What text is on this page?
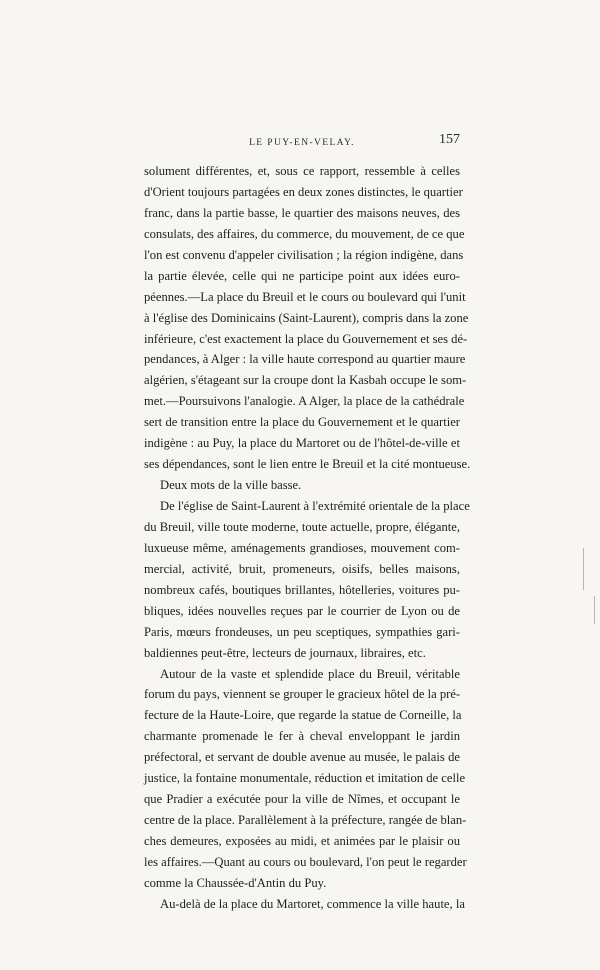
LE PUY-EN-VELAY.	157
solument différentes, et, sous ce rapport, ressemble à celles
d'Orient toujours partagées en deux zones distinctes, le quartier
franc, dans la partie basse, le quartier des maisons neuves, des
consulats, des affaires, du commerce, du mouvement, de ce que
l'on est convenu d'appeler civilisation ; la région indigène, dans
la partie élevée, celle qui ne participe point aux idées euro-
péennes.—La place du Breuil et le cours ou boulevard qui l'unit
à l'église des Dominicains (Saint-Laurent), compris dans la zone
inférieure, c'est exactement la place du Gouvernement et ses dé-
pendances, à Alger : la ville haute correspond au quartier maure
algérien, s'étageant sur la croupe dont la Kasbah occupe le som-
met.—Poursuivons l'analogie. A Alger, la place de la cathédrale
sert de transition entre la place du Gouvernement et le quartier
indigène : au Puy, la place du Martoret ou de l'hôtel-de-ville et
ses dépendances, sont le lien entre le Breuil et la cité montueuse.
Deux mots de la ville basse.
De l'église de Saint-Laurent à l'extrémité orientale de la place
du Breuil, ville toute moderne, toute actuelle, propre, élégante,
luxueuse même, aménagements grandioses, mouvement com-
mercial, activité, bruit, promeneurs, oisifs, belles maisons,
nombreux cafés, boutiques brillantes, hôtelleries, voitures pu-
bliques, idées nouvelles reçues par le courrier de Lyon ou de
Paris, mœurs frondeuses, un peu sceptiques, sympathies gari-
baldiennes peut-être, lecteurs de journaux, libraires, etc.
Autour de la vaste et splendide place du Breuil, véritable
forum du pays, viennent se grouper le gracieux hôtel de la pré-
fecture de la Haute-Loire, que regarde la statue de Corneille, la
charmante promenade le fer à cheval enveloppant le jardin
préfectoral, et servant de double avenue au musée, le palais de
justice, la fontaine monumentale, réduction et imitation de celle
que Pradier a exécutée pour la ville de Nîmes, et occupant le
centre de la place. Parallèlement à la préfecture, rangée de blan-
ches demeures, exposées au midi, et animées par le plaisir ou
les affaires.—Quant au cours ou boulevard, l'on peut le regarder
comme la Chaussée-d'Antin du Puy.
Au-delà de la place du Martoret, commence la ville haute, la
